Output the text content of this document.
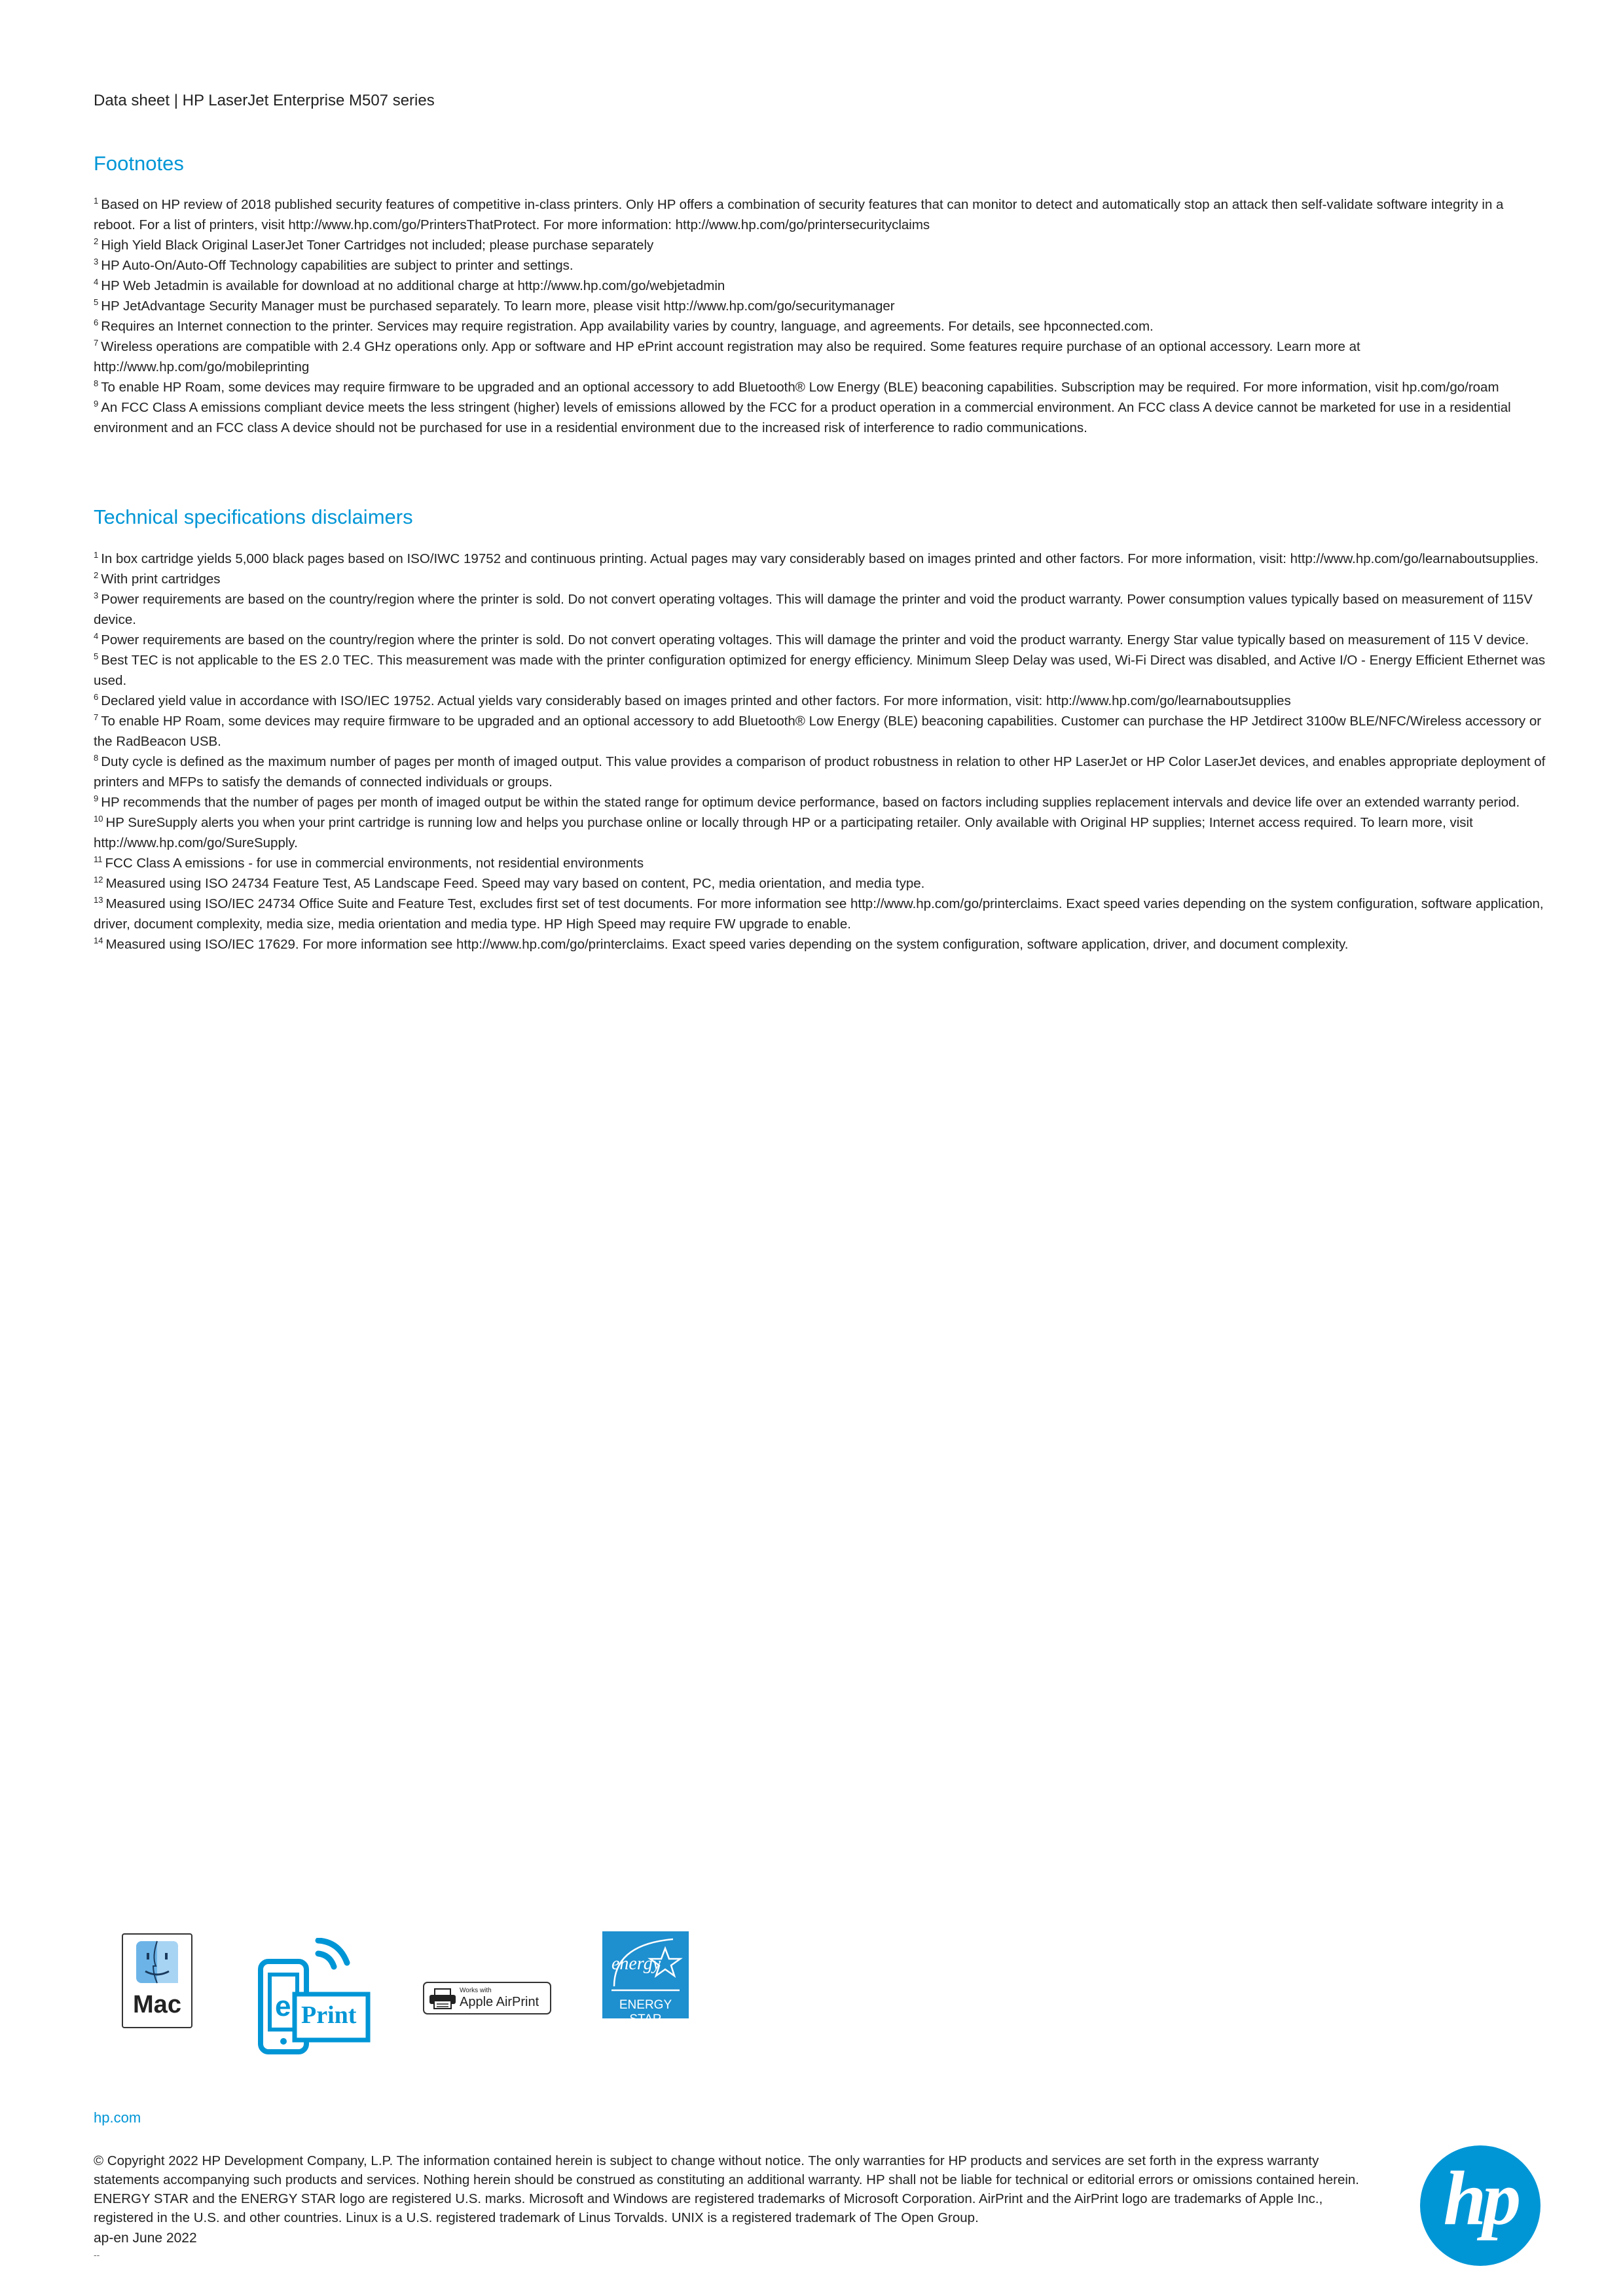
Data sheet | HP LaserJet Enterprise M507 series
Footnotes

$^1$ Based on HP review of 2018 published security features of competitive in-class printers. Only HP offers a combination of security features that can monitor to detect and automatically stop an attack then self-validate software integrity in a reboot. For a list of printers, visit http://www.hp.com/go/PrintersThatProtect. For more information: http://www.hp.com/go/printersecurityclaims

$^2$ High Yield Black Original LaserJet Toner Cartridges not included; please purchase separately

$^3$ HP Auto-On/Auto-Off Technology capabilities are subject to printer and settings.

$^4$ HP Web Jetadmin is available for download at no additional charge at http://www.hp.com/go/webjetadmin

$^5$ HP JetAdvantage Security Manager must be purchased separately. To learn more, please visit http://www.hp.com/go/securitymanager

$^6$ Requires an Internet connection to the printer. Services may require registration. App availability varies by country, language, and agreements. For details, see hpconnected.com.

$^7$ Wireless operations are compatible with 2.4 GHz operations only. App or software and HP ePrint account registration may also be required. Some features require purchase of an optional accessory. Learn more at http://www.hp.com/go/mobileprinting

$^8$ To enable HP Roam, some devices may require firmware to be upgraded and an optional accessory to add Bluetooth® Low Energy (BLE) beaconing capabilities. Subscription may be required. For more information, visit hp.com/go/roam

$^9$ An FCC Class A emissions compliant device meets the less stringent (higher) levels of emissions allowed by the FCC for a product operation in a commercial environment. An FCC class A device cannot be marketed for use in a residential environment and an FCC class A device should not be purchased for use in a residential environment due to the increased risk of interference to radio communications.

Technical specifications disclaimers

$^1$ In box cartridge yields 5,000 black pages based on ISO/IWC 19752 and continuous printing. Actual pages may vary considerably based on images printed and other factors. For more information, visit: http://www.hp.com/go/learnaboutsupplies.

$^2$ With print cartridges

$^3$ Power requirements are based on the country/region where the printer is sold. Do not convert operating voltages. This will damage the printer and void the product warranty. Power consumption values typically based on measurement of 115V device.

$^4$ Power requirements are based on the country/region where the printer is sold. Do not convert operating voltages. This will damage the printer and void the product warranty. Energy Star value typically based on measurement of 115 V device.

$^5$ Best TEC is not applicable to the ES 2.0 TEC. This measurement was made with the printer configuration optimized for energy efficiency. Minimum Sleep Delay was used, Wi-Fi Direct was disabled, and Active I/O - Energy Efficient Ethernet was used.

$^6$ Declared yield value in accordance with ISO/IEC 19752. Actual yields vary considerably based on images printed and other factors. For more information, visit: http://www.hp.com/go/learnaboutsupplies

$^7$ To enable HP Roam, some devices may require firmware to be upgraded and an optional accessory to add Bluetooth® Low Energy (BLE) beaconing capabilities. Customer can purchase the HP Jetdirect 3100w BLE/NFC/Wireless accessory or the RadBeacon USB.

$^8$ Duty cycle is defined as the maximum number of pages per month of imaged output. This value provides a comparison of product robustness in relation to other HP LaserJet or HP Color LaserJet devices, and enables appropriate deployment of printers and MFPs to satisfy the demands of connected individuals or groups.

$^9$ HP recommends that the number of pages per month of imaged output be within the stated range for optimum device performance, based on factors including supplies replacement intervals and device life over an extended warranty period.

$^{10}$ HP SureSupply alerts you when your print cartridge is running low and helps you purchase online or locally through HP or a participating retailer. Only available with Original HP supplies; Internet access required. To learn more, visit http://www.hp.com/go/SureSupply.

$^{11}$ FCC Class A emissions - for use in commercial environments, not residential environments

$^{12}$ Measured using ISO 24734 Feature Test, A5 Landscape Feed. Speed may vary based on content, PC, media orientation, and media type.

$^{13}$ Measured using ISO/IEC 24734 Office Suite and Feature Test, excludes first set of test documents. For more information see http://www.hp.com/go/printerclaims. Exact speed varies depending on the system configuration, software application, driver, document complexity, media size, media orientation and media type. HP High Speed may require FW upgrade to enable.

$^{14}$ Measured using ISO/IEC 17629. For more information see http://www.hp.com/go/printerclaims. Exact speed varies depending on the system configuration, software application, driver, and document complexity.

Mac	e Print
Works with
Apple AirPrint
energy
ENERGY STAR
hp.com
© Copyright 2022 HP Development Company, L.P. The information contained herein is subject to change without notice. The only warranties for HP products and services are set forth in the express warranty statements accompanying such products and services. Nothing herein should be construed as constituting an additional warranty. HP shall not be liable for technical or editorial errors or omissions contained herein. ENERGY STAR and the ENERGY STAR logo are registered U.S. marks. Microsoft and Windows are registered trademarks of Microsoft Corporation. AirPrint and the AirPrint logo are trademarks of Apple Inc., registered in the U.S. and other countries. Linux is a U.S. registered trademark of Linus Torvalds. UNIX is a registered trademark of The Open Group.
ap-en June 2022
--
hp
